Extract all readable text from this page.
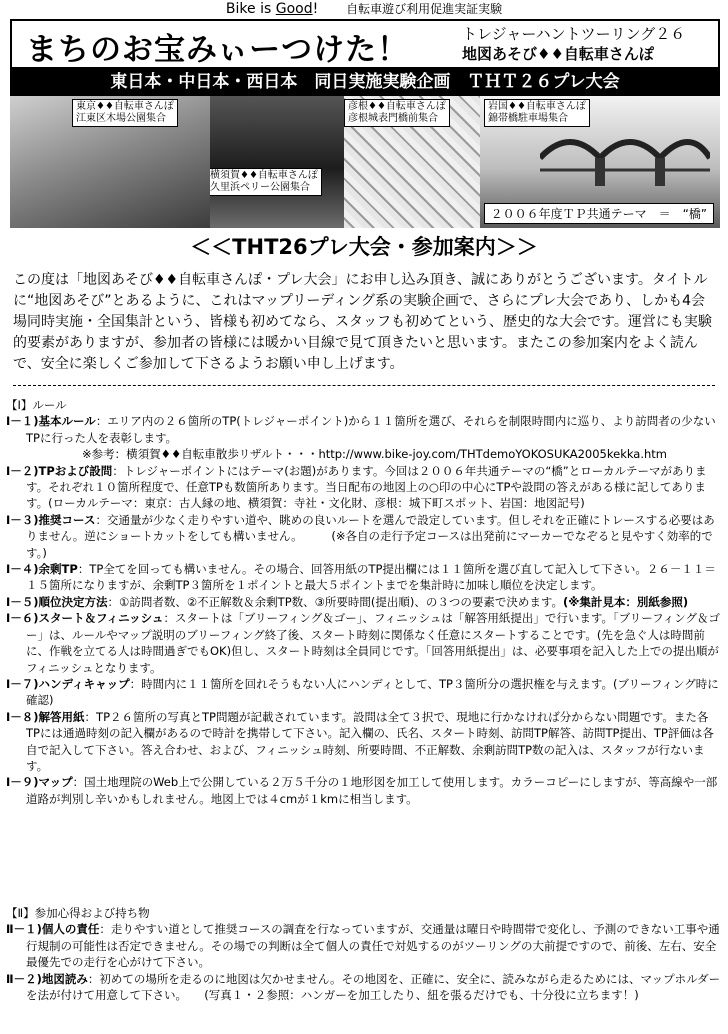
Bike is Good! 自転車遊び利用促進実証実験
まちのお宝みぃーつけた！	トレジャーハントツーリング２６
地図あそび♦♦自転車さんぽ
東日本・中日本・西日本　同日実施実験企画　ＴＨＴ２６プレ大会
東京♦♦自転車さんぽ
江東区木場公園集合
横須賀♦♦自転車さんぽ
久里浜ペリー公園集合
彦根♦♦自転車さんぽ
彦根城表門橋前集合
岩国♦♦自転車さんぽ
錦帯橋駐車場集合
２００６年度ＴＰ共通テーマ　＝　“橋”
＜＜THT26プレ大会・参加案内＞＞

この度は「地図あそび♦♦自転車さんぽ・プレ大会」にお申し込み頂き、誠にありがとうございます。タイトルに“地図あそび”とあるように、これはマップリーディング系の実験企画で、さらにプレ大会であり、しかも4会場同時実施・全国集計という、皆様も初めてなら、スタッフも初めてという、歴史的な大会です。運営にも実験的要素がありますが、参加者の皆様には暖かい目線で見て頂きたいと思います。またこの参加案内をよく読んで、安全に楽しくご参加して下さるようお願い申し上げます。

【Ⅰ】ルール

Ⅰ－１)基本ルール：エリア内の２６箇所のTP(トレジャーポイント)から１１箇所を選び、それらを制限時間内に巡り、より訪問者の少ないTPに行った人を表彰します。

※参考：横須賀♦♦自転車散歩リザルト・・・http://www.bike-joy.com/THTdemoYOKOSUKA2005kekka.htm

Ⅰ－２)TPおよび設問：トレジャーポイントにはテーマ(お題)があります。今回は２００６年共通テーマの“橋”とローカルテーマがあります。それぞれ１０箇所程度で、任意TPも数箇所あります。当日配布の地図上の○印の中心にTPや設問の答えがある様に記してあります。(ローカルテーマ：東京：古人縁の地、横須賀：寺社・文化財、彦根：城下町スポット、岩国：地図記号)

Ⅰ－３)推奨コース：交通量が少なく走りやすい道や、眺めの良いルートを選んで設定しています。但しそれを正確にトレースする必要はありません。逆にショートカットをしても構いません。　　　(※各自の走行予定コースは出発前にマーカーでなぞると見やすく効率的です。)

Ⅰ－４)余剰TP：TP全てを回っても構いません。その場合、回答用紙のTP提出欄には１１箇所を選び直して記入して下さい。２６－１１＝１５箇所になりますが、余剰TP３箇所を１ポイントと最大５ポイントまでを集計時に加味し順位を決定します。

Ⅰ－５)順位決定方法：①訪問者数、②不正解数＆余剰TP数、③所要時間(提出順)、の３つの要素で決めます。(※集計見本：別紙参照)

Ⅰ－６)スタート＆フィニッシュ：スタートは「ブリーフィング＆ゴー」、フィニッシュは「解答用紙提出」で行います。「ブリーフィング＆ゴー」は、ルールやマップ説明のブリーフィング終了後、スタート時刻に関係なく任意にスタートすることです。(先を急ぐ人は時間前に、作戦を立てる人は時間過ぎでもOK)但し、スタート時刻は全員同じです。「回答用紙提出」は、必要事項を記入した上での提出順がフィニッシュとなります。

Ⅰ－７)ハンディキャップ：時間内に１１箇所を回れそうもない人にハンディとして、TP３箇所分の選択権を与えます。(ブリーフィング時に確認)

Ⅰ－８)解答用紙：TP２６箇所の写真とTP問題が記載されています。設問は全て３択で、現地に行かなければ分からない問題です。また各TPには通過時刻の記入欄があるので時計を携帯して下さい。記入欄の、氏名、スタート時刻、訪問TP解答、訪問TP提出、TP評価は各自で記入して下さい。答え合わせ、および、フィニッシュ時刻、所要時間、不正解数、余剰訪問TP数の記入は、スタッフが行ないます。

Ⅰ－９)マップ：国土地理院のWeb上で公開している２万５千分の１地形図を加工して使用します。カラーコピーにしますが、等高線や一部道路が判別し辛いかもしれません。地図上では４cmが１kmに相当します。

【Ⅱ】参加心得および持ち物

Ⅱ－１)個人の責任：走りやすい道として推奨コースの調査を行なっていますが、交通量は曜日や時間帯で変化し、予測のできない工事や通行規制の可能性は否定できません。その場での判断は全て個人の責任で対処するのがツーリングの大前提ですので、前後、左右、安全最優先での走行を心がけて下さい。

Ⅱ－２)地図読み：初めての場所を走るのに地図は欠かせません。その地図を、正確に、安全に、読みながら走るためには、マップホルダーを法が付けて用意して下さい。　　(写真１・２参照：ハンガーを加工したり、紐を張るだけでも、十分役に立ちます！)
